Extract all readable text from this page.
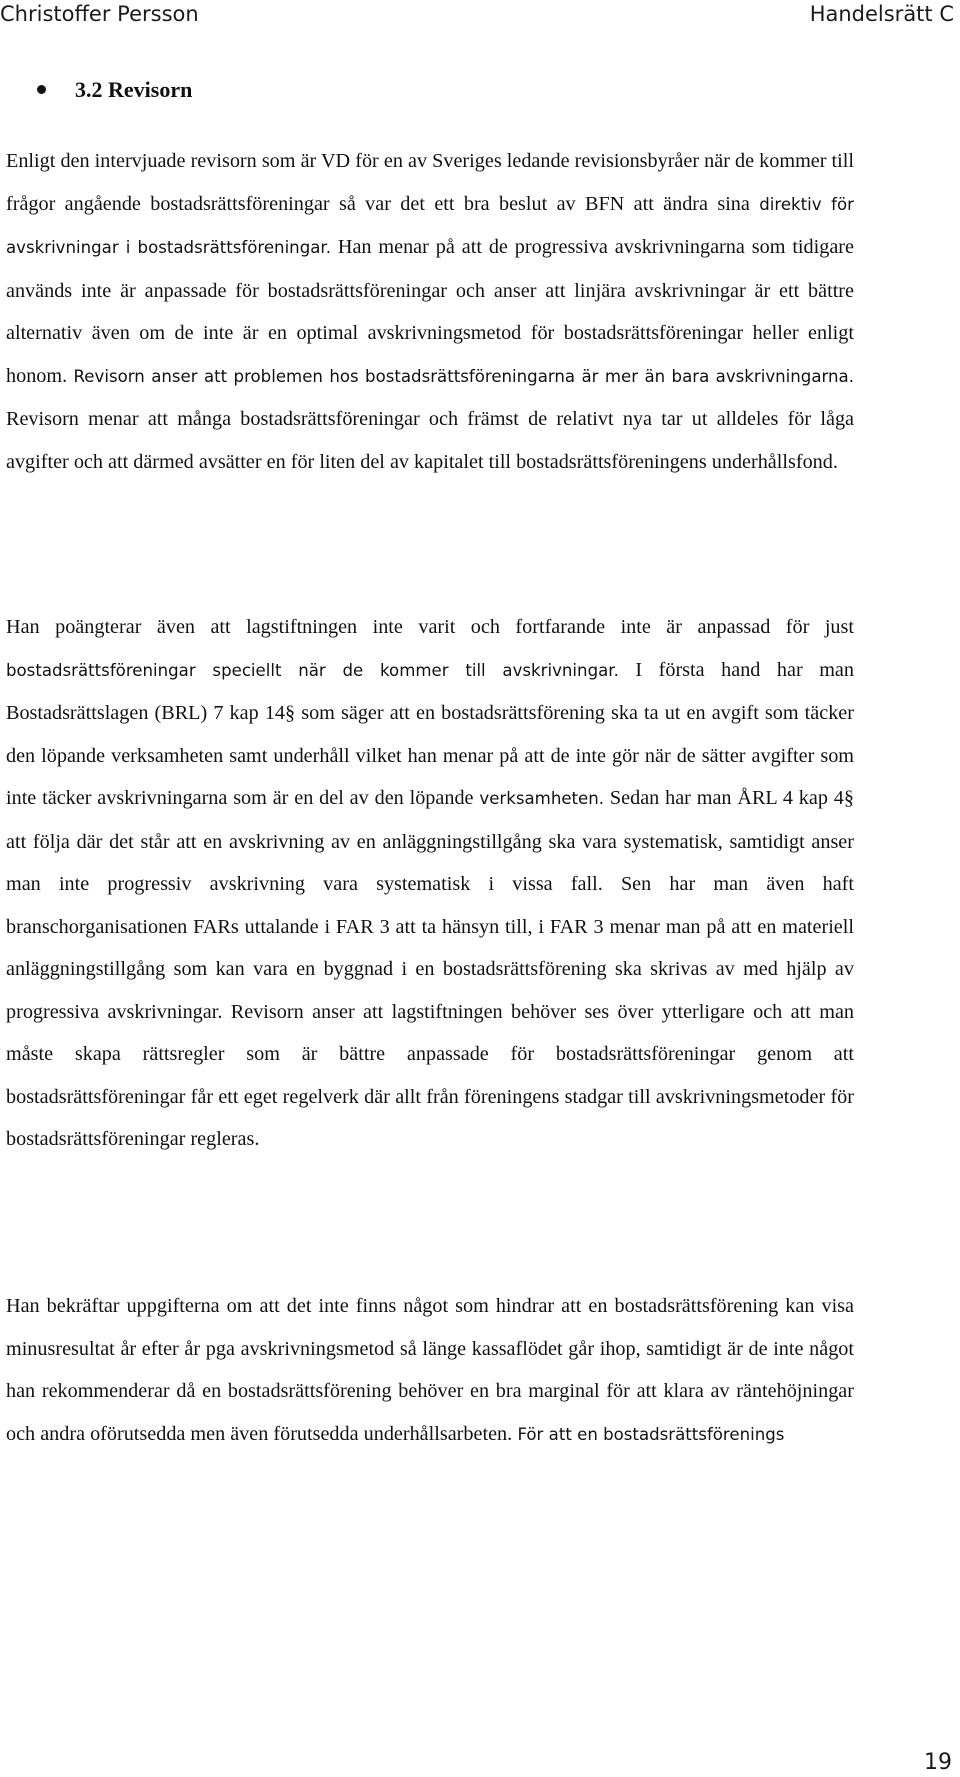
Christoffer Persson	Handelsrätt C
3.2 Revisorn

Enligt den intervjuade revisorn som är VD för en av Sveriges ledande revisionsbyråer när de kommer till frågor angående bostadsrättsföreningar så var det ett bra beslut av BFN att ändra sina direktiv för avskrivningar i bostadsrättsföreningar. Han menar på att de progressiva avskrivningarna som tidigare används inte är anpassade för bostadsrättsföreningar och anser att linjära avskrivningar är ett bättre alternativ även om de inte är en optimal avskrivningsmetod för bostadsrättsföreningar heller enligt honom. Revisorn anser att problemen hos bostadsrättsföreningarna är mer än bara avskrivningarna. Revisorn menar att många bostadsrättsföreningar och främst de relativt nya tar ut alldeles för låga avgifter och att därmed avsätter en för liten del av kapitalet till bostadsrättsföreningens underhållsfond.

Han poängterar även att lagstiftningen inte varit och fortfarande inte är anpassad för just bostadsrättsföreningar speciellt när de kommer till avskrivningar. I första hand har man Bostadsrättslagen (BRL) 7 kap 14§ som säger att en bostadsrättsförening ska ta ut en avgift som täcker den löpande verksamheten samt underhåll vilket han menar på att de inte gör när de sätter avgifter som inte täcker avskrivningarna som är en del av den löpande verksamheten. Sedan har man ÅRL 4 kap 4§ att följa där det står att en avskrivning av en anläggningstillgång ska vara systematisk, samtidigt anser man inte progressiv avskrivning vara systematisk i vissa fall. Sen har man även haft branschorganisationen FARs uttalande i FAR 3 att ta hänsyn till, i FAR 3 menar man på att en materiell anläggningstillgång som kan vara en byggnad i en bostadsrättsförening ska skrivas av med hjälp av progressiva avskrivningar. Revisorn anser att lagstiftningen behöver ses över ytterligare och att man måste skapa rättsregler som är bättre anpassade för bostadsrättsföreningar genom att bostadsrättsföreningar får ett eget regelverk där allt från föreningens stadgar till avskrivningsmetoder för bostadsrättsföreningar regleras.

Han bekräftar uppgifterna om att det inte finns något som hindrar att en bostadsrättsförening kan visa minusresultat år efter år pga avskrivningsmetod så länge kassaflödet går ihop, samtidigt är de inte något han rekommenderar då en bostadsrättsförening behöver en bra marginal för att klara av räntehöjningar och andra oförutsedda men även förutsedda underhållsarbeten. För att en bostadsrättsförenings

19
